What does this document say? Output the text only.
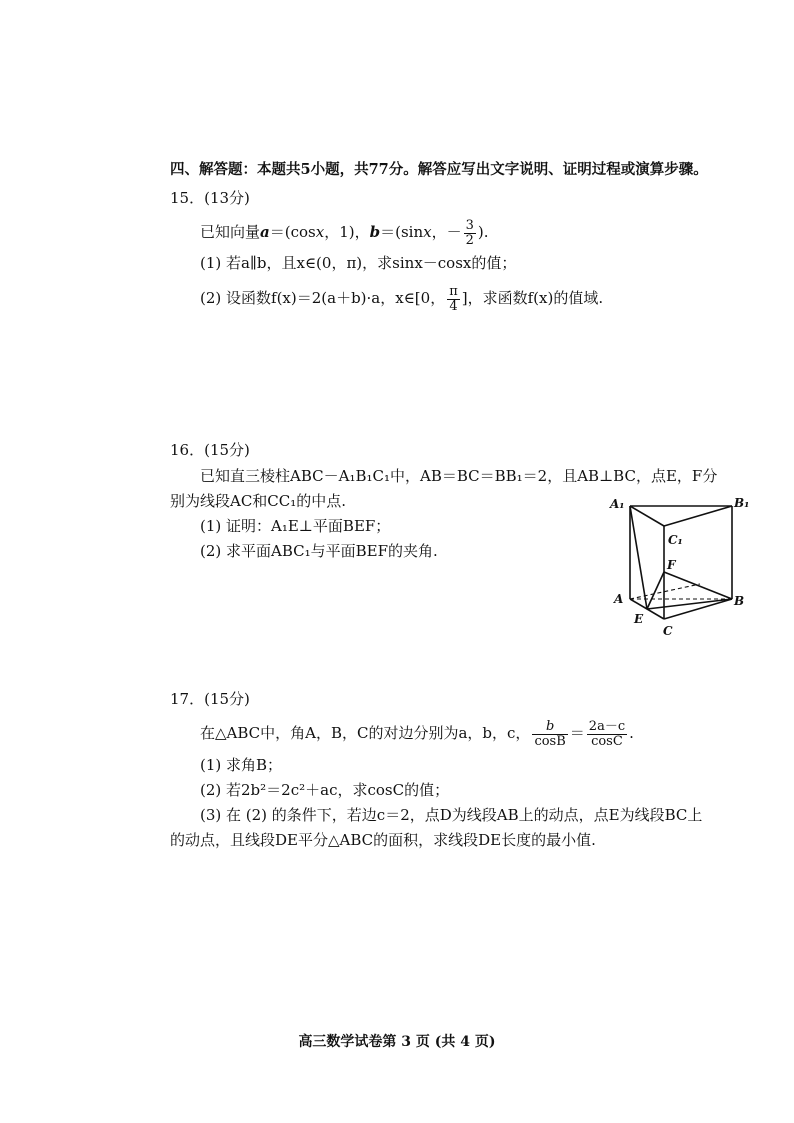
四、解答题：本题共5小题，共77分。解答应写出文字说明、证明过程或演算步骤。
15．(13分)
已知向量a＝(cosx，1)，b＝(sinx，－ $\frac{3}{2}$ ).
(1) 若a∥b，且x∈(0，π)，求sinx－cosx的值；
(2) 设函数f(x)＝2(a＋b)·a，x∈[0， $\frac{\pi}{4}$ ]，求函数f(x)的值域.
16．(15分)
已知直三棱柱ABC－A₁B₁C₁中，AB＝BC＝BB₁＝2，且AB⊥BC，点E，F分
别为线段AC和CC₁的中点.
(1) 证明：A₁E⊥平面BEF；
(2) 求平面ABC₁与平面BEF的夹角.
A₁	B₁
C₁
F
A	B
E
C
17．(15分)
在△ABC中，角A，B，C的对边分别为a，b，c， $\frac{b}{\cos B} = \frac{2a-c}{\cos C}$ .
(1) 求角B；
(2) 若2b²＝2c²＋ac，求cosC的值；
(3) 在 (2) 的条件下，若边c＝2，点D为线段AB上的动点，点E为线段BC上
的动点，且线段DE平分△ABC的面积，求线段DE长度的最小值.
高三数学试卷第 3 页 (共 4 页)
